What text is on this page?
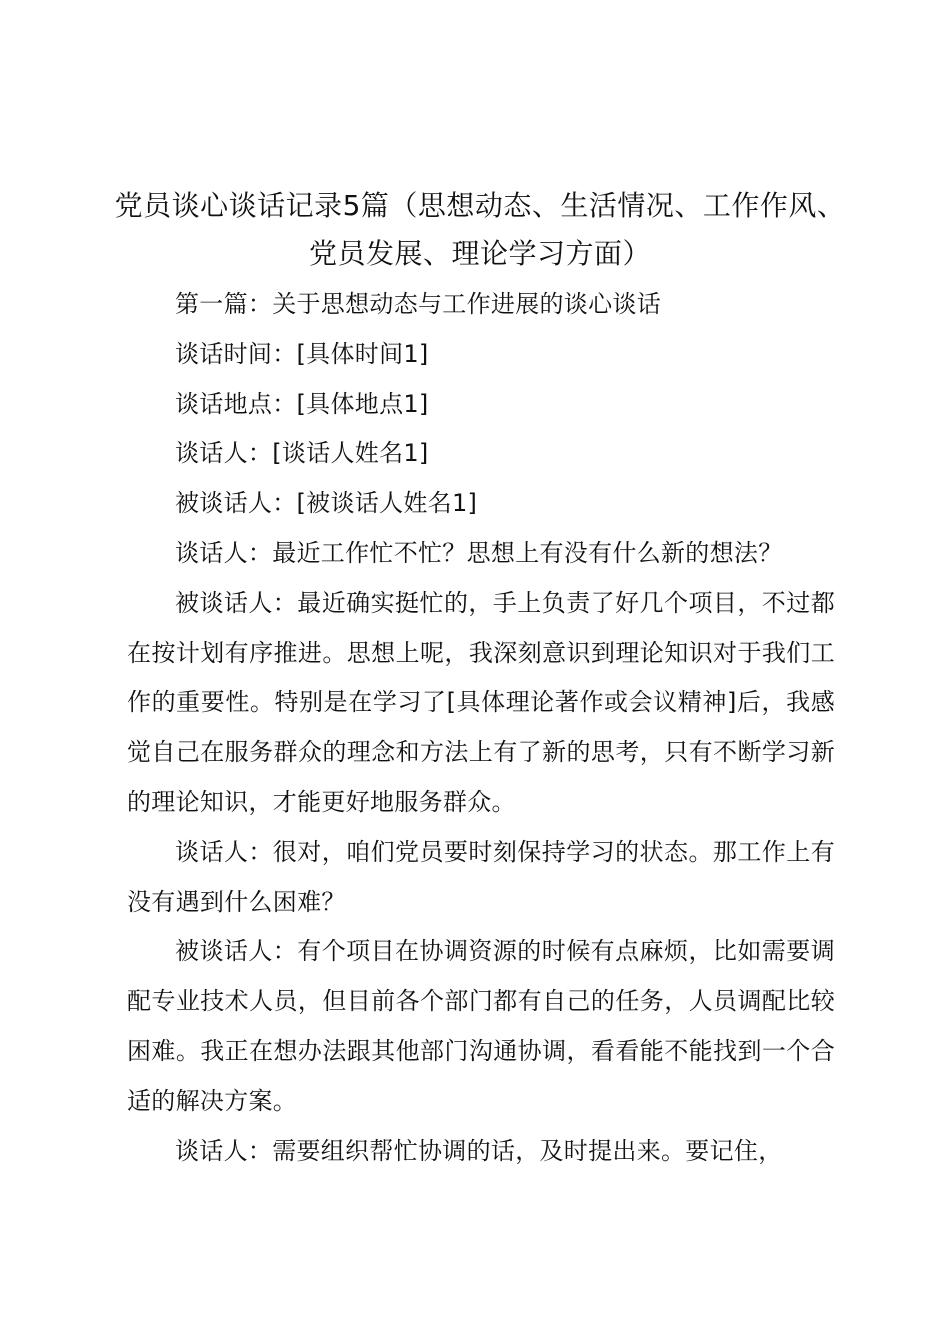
党员谈心谈话记录5篇（思想动态、生活情况、工作作风、党员发展、理论学习方面）

第一篇：关于思想动态与工作进展的谈心谈话

谈话时间：[具体时间1]

谈话地点：[具体地点1]

谈话人：[谈话人姓名1]

被谈话人：[被谈话人姓名1]

谈话人：最近工作忙不忙？思想上有没有什么新的想法？

被谈话人：最近确实挺忙的，手上负责了好几个项目，不过都在按计划有序推进。思想上呢，我深刻意识到理论知识对于我们工作的重要性。特别是在学习了[具体理论著作或会议精神]后，我感觉自己在服务群众的理念和方法上有了新的思考，只有不断学习新的理论知识，才能更好地服务群众。

谈话人：很对，咱们党员要时刻保持学习的状态。那工作上有没有遇到什么困难？

被谈话人：有个项目在协调资源的时候有点麻烦，比如需要调配专业技术人员，但目前各个部门都有自己的任务，人员调配比较困难。我正在想办法跟其他部门沟通协调，看看能不能找到一个合适的解决方案。

谈话人：需要组织帮忙协调的话，及时提出来。要记住，
